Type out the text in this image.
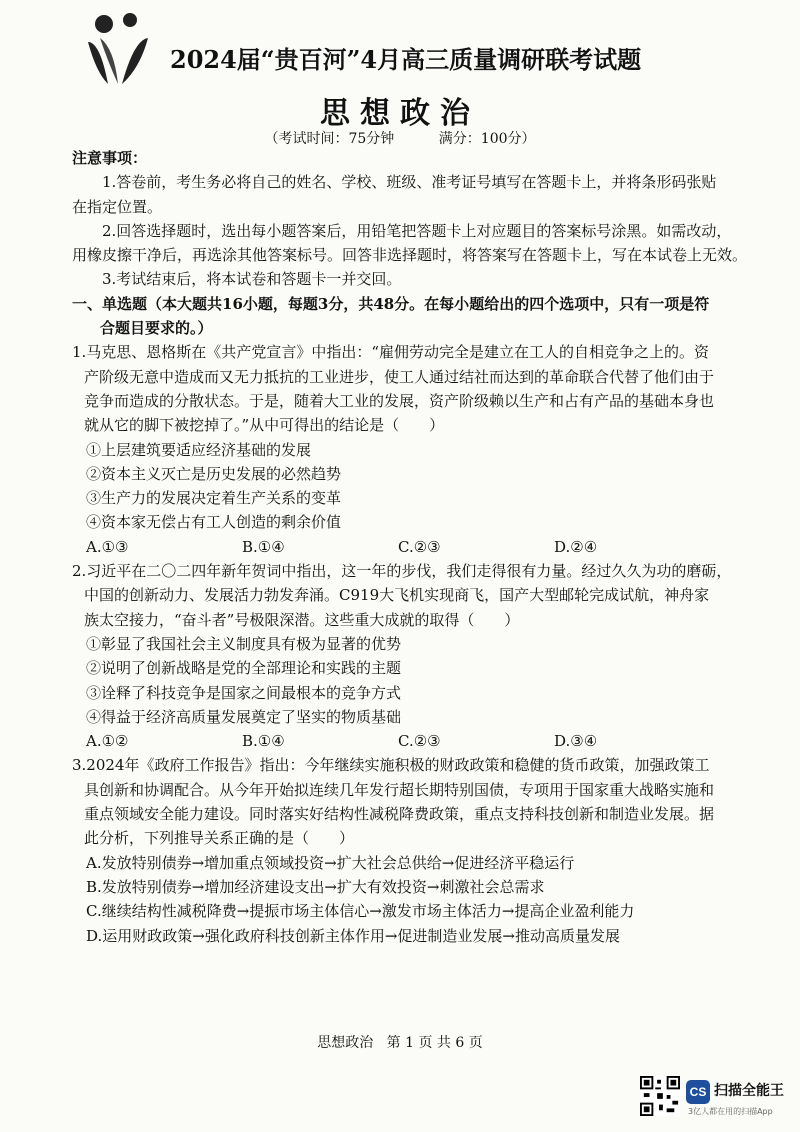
2024届“贵百河”4月高三质量调研联考试题
思想政治
（考试时间：75分钟          满分：100分）
注意事项：
1.答卷前，考生务必将自己的姓名、学校、班级、准考证号填写在答题卡上，并将条形码张贴
在指定位置。
2.回答选择题时，选出每小题答案后，用铅笔把答题卡上对应题目的答案标号涂黑。如需改动，
用橡皮擦干净后，再选涂其他答案标号。回答非选择题时，将答案写在答题卡上，写在本试卷上无效。
3.考试结束后，将本试卷和答题卡一并交回。
一、单选题（本大题共16小题，每题3分，共48分。在每小题给出的四个选项中，只有一项是符
合题目要求的。）
1.马克思、恩格斯在《共产党宣言》中指出：“雇佣劳动完全是建立在工人的自相竞争之上的。资
产阶级无意中造成而又无力抵抗的工业进步，使工人通过结社而达到的革命联合代替了他们由于
竞争而造成的分散状态。于是，随着大工业的发展，资产阶级赖以生产和占有产品的基础本身也
就从它的脚下被挖掉了。”从中可得出的结论是（　　）
①上层建筑要适应经济基础的发展
②资本主义灭亡是历史发展的必然趋势
③生产力的发展决定着生产关系的变革
④资本家无偿占有工人创造的剩余价值
A.①③	B.①④	C.②③	D.②④
2.习近平在二〇二四年新年贺词中指出，这一年的步伐，我们走得很有力量。经过久久为功的磨砺，
中国的创新动力、发展活力勃发奔涌。C919大飞机实现商飞，国产大型邮轮完成试航，神舟家
族太空接力，“奋斗者”号极限深潜。这些重大成就的取得（　　）
①彰显了我国社会主义制度具有极为显著的优势
②说明了创新战略是党的全部理论和实践的主题
③诠释了科技竞争是国家之间最根本的竞争方式
④得益于经济高质量发展奠定了坚实的物质基础
A.①②	B.①④	C.②③	D.③④
3.2024年《政府工作报告》指出：今年继续实施积极的财政政策和稳健的货币政策，加强政策工
具创新和协调配合。从今年开始拟连续几年发行超长期特别国债，专项用于国家重大战略实施和
重点领域安全能力建设。同时落实好结构性减税降费政策，重点支持科技创新和制造业发展。据
此分析，下列推导关系正确的是（　　）
A.发放特别债券→增加重点领域投资→扩大社会总供给→促进经济平稳运行
B.发放特别债券→增加经济建设支出→扩大有效投资→刺激社会总需求
C.继续结构性减税降费→提振市场主体信心→激发市场主体活力→提高企业盈利能力
D.运用财政政策→强化政府科技创新主体作用→促进制造业发展→推动高质量发展
思想政治   第 1 页 共 6 页
CS 扫描全能王
3亿人都在用的扫描App
